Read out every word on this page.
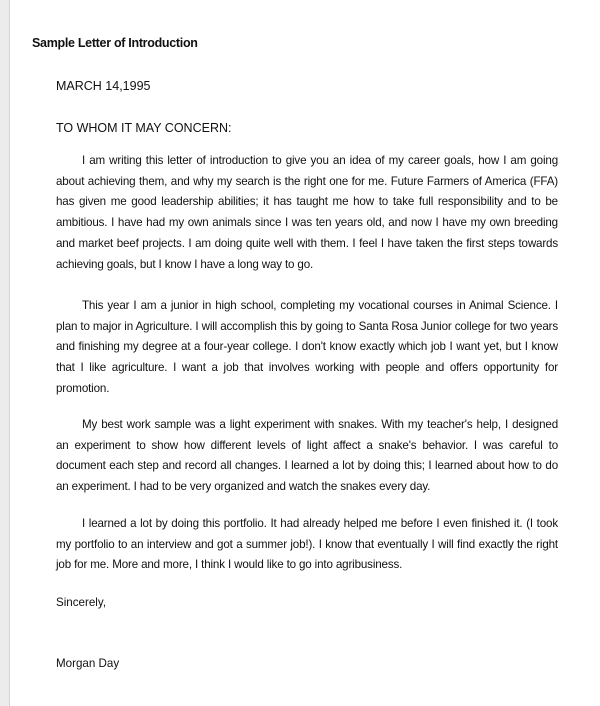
Sample Letter of Introduction
MARCH 14,1995
TO WHOM IT MAY CONCERN:

I am writing this letter of introduction to give you an idea of my career goals, how I am going about achieving them, and why my search is the right one for me. Future Farmers of America (FFA) has given me good leadership abilities; it has taught me how to take full responsibility and to be ambitious. I have had my own animals since I was ten years old, and now I have my own breeding and market beef projects. I am doing quite well with them. I feel I have taken the first steps towards achieving goals, but I know I have a long way to go.

This year I am a junior in high school, completing my vocational courses in Animal Science. I plan to major in Agriculture. I will accomplish this by going to Santa Rosa Junior college for two years and finishing my degree at a four-year college. I don't know exactly which job I want yet, but I know that I like agriculture. I want a job that involves working with people and offers opportunity for promotion.

My best work sample was a light experiment with snakes. With my teacher's help, I designed an experiment to show how different levels of light affect a snake's behavior. I was careful to document each step and record all changes. I learned a lot by doing this; I learned about how to do an experiment. I had to be very organized and watch the snakes every day.

I learned a lot by doing this portfolio. It had already helped me before I even finished it. (I took my portfolio to an interview and got a summer job!). I know that eventually I will find exactly the right job for me. More and more, I think I would like to go into agribusiness.

Sincerely,
Morgan Day
